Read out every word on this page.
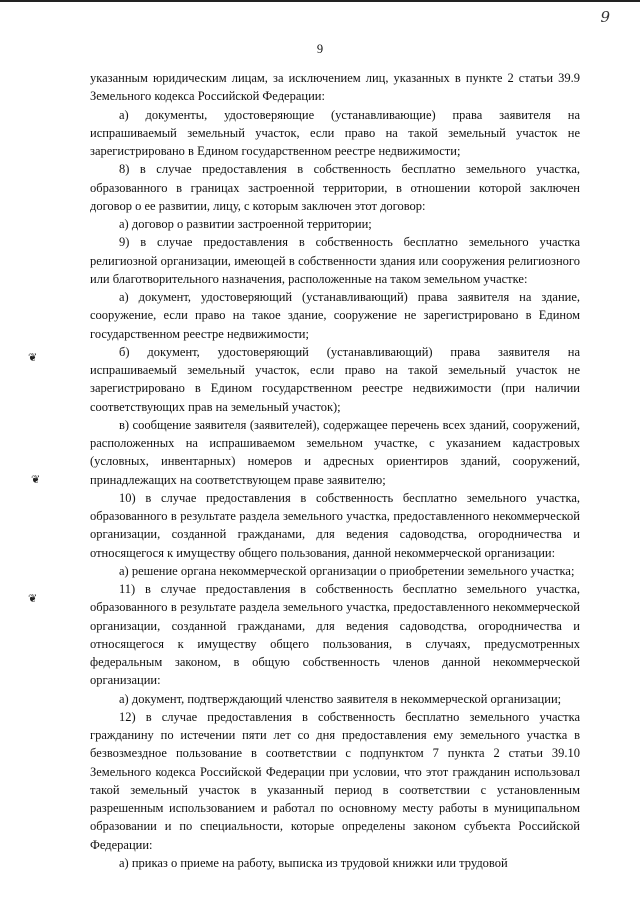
9
9
❦
❦
❦

указанным юридическим лицам, за исключением лиц, указанных в пункте 2 статьи 39.9 Земельного кодекса Российской Федерации:

а) документы, удостоверяющие (устанавливающие) права заявителя на испрашиваемый земельный участок, если право на такой земельный участок не зарегистрировано в Едином государственном реестре недвижимости;

8) в случае предоставления в собственность бесплатно земельного участка, образованного в границах застроенной территории, в отношении которой заключен договор о ее развитии, лицу, с которым заключен этот договор:

а) договор о развитии застроенной территории;

9) в случае предоставления в собственность бесплатно земельного участка религиозной организации, имеющей в собственности здания или сооружения религиозного или благотворительного назначения, расположенные на таком земельном участке:

а) документ, удостоверяющий (устанавливающий) права заявителя на здание, сооружение, если право на такое здание, сооружение не зарегистрировано в Едином государственном реестре недвижимости;

б) документ, удостоверяющий (устанавливающий) права заявителя на испрашиваемый земельный участок, если право на такой земельный участок не зарегистрировано в Едином государственном реестре недвижимости (при наличии соответствующих прав на земельный участок);

в) сообщение заявителя (заявителей), содержащее перечень всех зданий, сооружений, расположенных на испрашиваемом земельном участке, с указанием кадастровых (условных, инвентарных) номеров и адресных ориентиров зданий, сооружений, принадлежащих на соответствующем праве заявителю;

10) в случае предоставления в собственность бесплатно земельного участка, образованного в результате раздела земельного участка, предоставленного некоммерческой организации, созданной гражданами, для ведения садоводства, огородничества и относящегося к имуществу общего пользования, данной некоммерческой организации:

а) решение органа некоммерческой организации о приобретении земельного участка;

11) в случае предоставления в собственность бесплатно земельного участка, образованного в результате раздела земельного участка, предоставленного некоммерческой организации, созданной гражданами, для ведения садоводства, огородничества и относящегося к имуществу общего пользования, в случаях, предусмотренных федеральным законом, в общую собственность членов данной некоммерческой организации:

а) документ, подтверждающий членство заявителя в некоммерческой организации;

12) в случае предоставления в собственность бесплатно земельного участка гражданину по истечении пяти лет со дня предоставления ему земельного участка в безвозмездное пользование в соответствии с подпунктом 7 пункта 2 статьи 39.10 Земельного кодекса Российской Федерации при условии, что этот гражданин использовал такой земельный участок в указанный период в соответствии с установленным разрешенным использованием и работал по основному месту работы в муниципальном образовании и по специальности, которые определены законом субъекта Российской Федерации:

а) приказ о приеме на работу, выписка из трудовой книжки или трудовой
